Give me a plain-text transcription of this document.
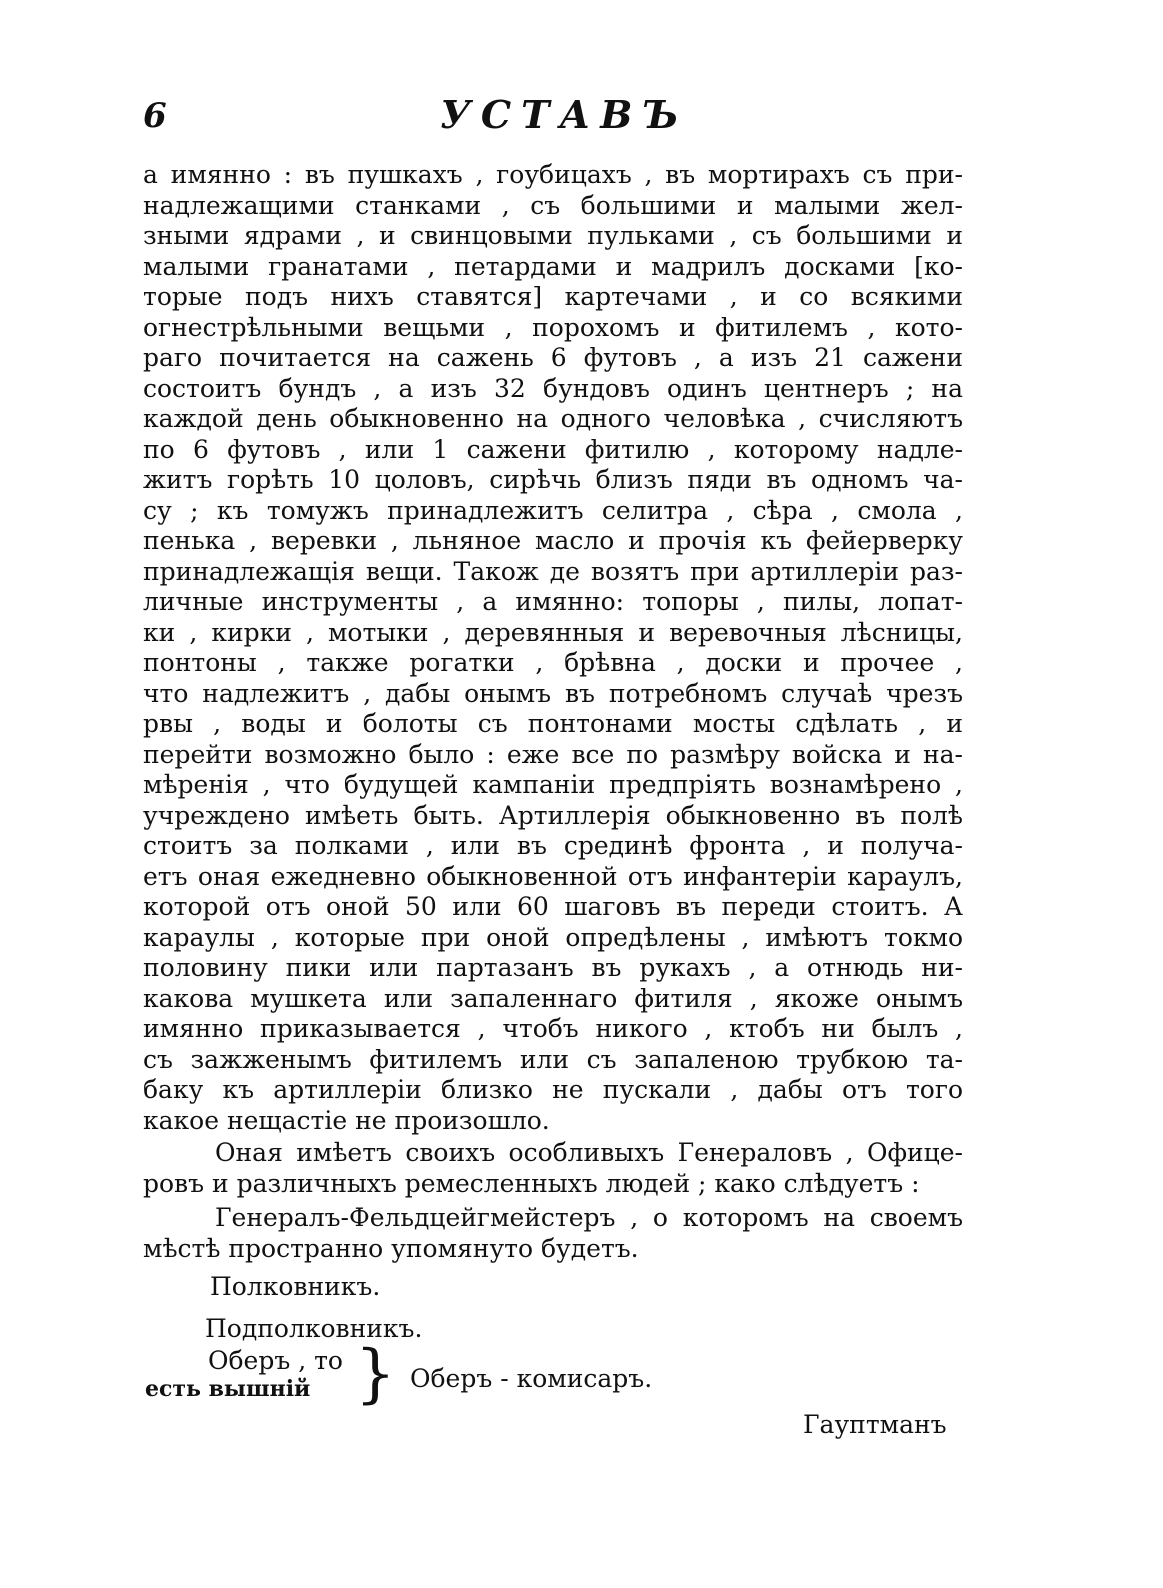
6	УСТАВЪ
а имянно : въ пушкахъ , гоубицахъ , въ мортирахъ съ при-
надлежащими станками , съ большими и малыми жел-
зными ядрами , и свинцовыми пульками , съ большими и
малыми гранатами , петардами и мадрилъ досками [ко-
торые подъ нихъ ставятся] картечами , и со всякими
огнестрѣльными вещьми , порохомъ и фитилемъ , кото-
раго почитается на сажень 6 футовъ , а изъ 21 сажени
состоитъ бундъ , а изъ 32 бундовъ одинъ центнеръ ; на
каждой день обыкновенно на одного человѣка , счисляютъ
по 6 футовъ , или 1 сажени фитилю , которому надле-
житъ горѣть 10 цоловъ, сирѣчь близъ пяди въ одномъ ча-
су ; къ томужъ принадлежитъ селитра , сѣра , смола ,
пенька , веревки , льняное масло и прочія къ фейерверку
принадлежащія вещи. Також де возятъ при артиллеріи раз-
личные инструменты , а имянно: топоры , пилы, лопат-
ки , кирки , мотыки , деревянныя и веревочныя лѣсницы,
понтоны , также рогатки , брѣвна , доски и прочее ,
что надлежитъ , дабы онымъ въ потребномъ случаѣ чрезъ
рвы , воды и болоты съ понтонами мосты сдѣлать , и
перейти возможно было : еже все по размѣру войска и на-
мѣренія , что будущей кампаніи предпріять вознамѣрено ,
учреждено имѣеть быть. Артиллерія обыкновенно въ полѣ
стоитъ за полками , или въ срединѣ фронта , и получа-
етъ оная ежедневно обыкновенной отъ инфантеріи караулъ,
которой отъ оной 50 или 60 шаговъ въ переди стоитъ. А
караулы , которые при оной опредѣлены , имѣютъ токмо
половину пики или партазанъ въ рукахъ , а отнюдь ни-
какова мушкета или запаленнаго фитиля , якоже онымъ
имянно приказывается , чтобъ никого , ктобъ ни былъ ,
съ зажженымъ фитилемъ или съ запаленою трубкою та-
баку къ артиллеріи близко не пускали , дабы отъ того
какое нещастіе не произошло.
Оная имѣетъ своихъ особливыхъ Генераловъ , Офице-
ровъ и различныхъ ремесленныхъ людей ; како слѣдуетъ :
Генералъ-Фельдцейгмейстеръ , о которомъ на своемъ
мѣстѣ пространно упомянуто будетъ.
Полковникъ.
Подполковникъ.
Оберъ , то
есть вышній } Оберъ - комисаръ.
Гауптманъ
